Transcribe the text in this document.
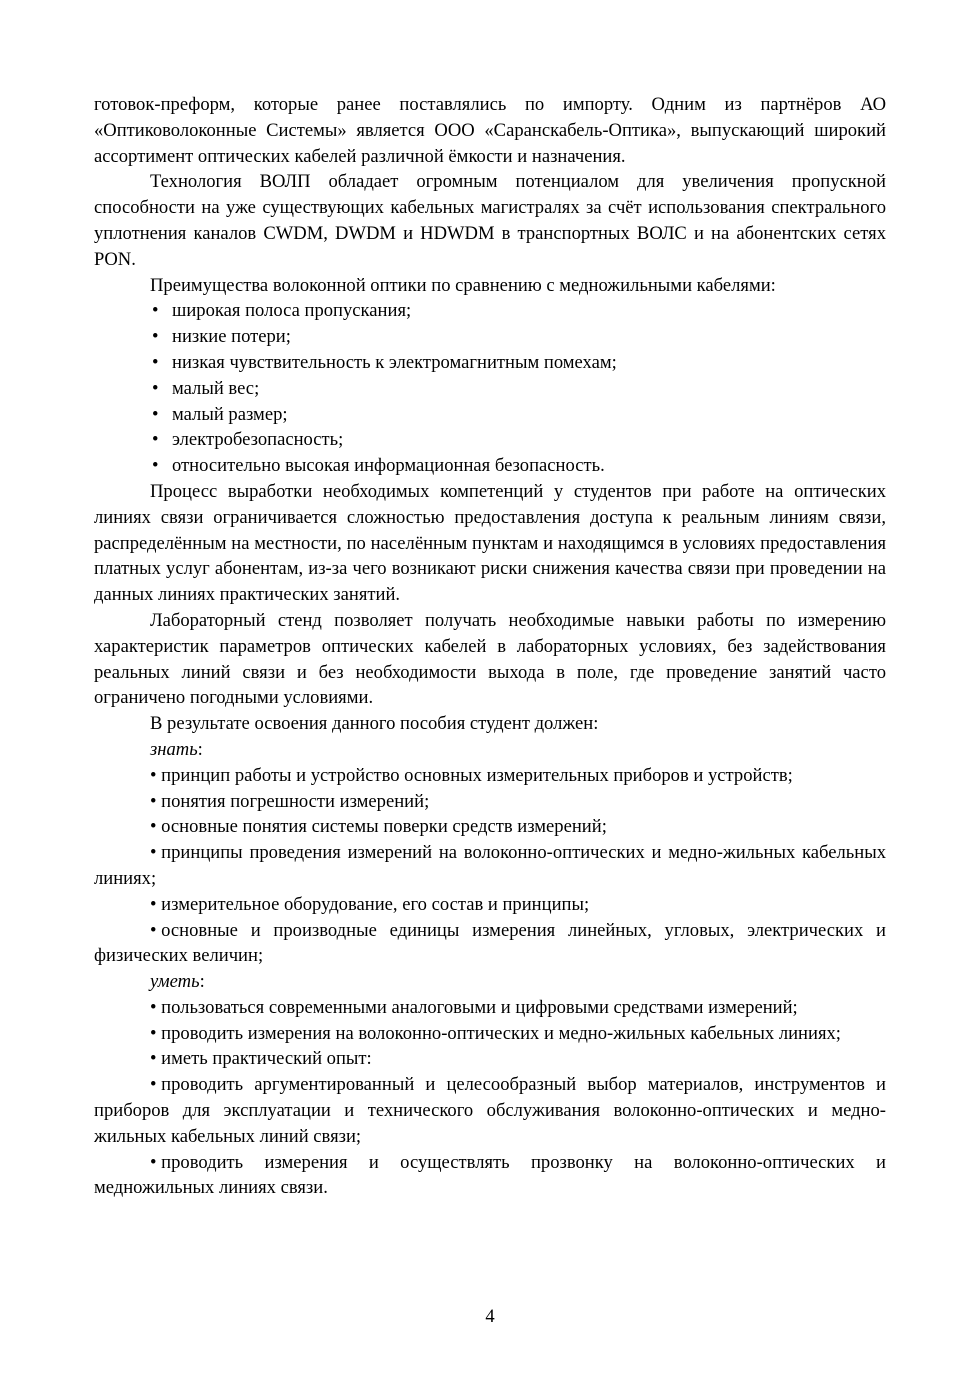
готовок-преформ, которые ранее поставлялись по импорту. Одним из партнёров АО «Оптиковолоконные Системы» является ООО «Саранскабель-Оптика», выпускающий широкий ассортимент оптических кабелей различной ёмкости и назначения.

Технология ВОЛП обладает огромным потенциалом для увеличения пропускной способности на уже существующих кабельных магистралях за счёт использования спектрального уплотнения каналов CWDM, DWDM и HDWDM в транспортных ВОЛС и на абонентских сетях PON.

Преимущества волоконной оптики по сравнению с медножильными кабелями:

• широкая полоса пропускания;
• низкие потери;
• низкая чувствительность к электромагнитным помехам;
• малый вес;
• малый размер;
• электробезопасность;
• относительно высокая информационная безопасность.

Процесс выработки необходимых компетенций у студентов при работе на оптических линиях связи ограничивается сложностью предоставления доступа к реальным линиям связи, распределённым на местности, по населённым пунктам и находящимся в условиях предоставления платных услуг абонентам, из-за чего возникают риски снижения качества связи при проведении на данных линиях практических занятий.

Лабораторный стенд позволяет получать необходимые навыки работы по измерению характеристик параметров оптических кабелей в лабораторных условиях, без задействования реальных линий связи и без необходимости выхода в поле, где проведение занятий часто ограничено погодными условиями.

В результате освоения данного пособия студент должен:

знать:

• принцип работы и устройство основных измерительных приборов и устройств;

• понятия погрешности измерений;

• основные понятия системы поверки средств измерений;

• принципы проведения измерений на волоконно-оптических и медно-жильных кабельных линиях;

• измерительное оборудование, его состав и принципы;

• основные и производные единицы измерения линейных, угловых, электрических и физических величин;

уметь:

• пользоваться современными аналоговыми и цифровыми средствами измерений;

• проводить измерения на волоконно-оптических и медно-жильных кабельных линиях;

• иметь практический опыт:

• проводить аргументированный и целесообразный выбор материалов, инструментов и приборов для эксплуатации и технического обслуживания волоконно-оптических и медно-жильных кабельных линий связи;

• проводить измерения и осуществлять прозвонку на волоконно-оптических и медножильных линиях связи.

4
